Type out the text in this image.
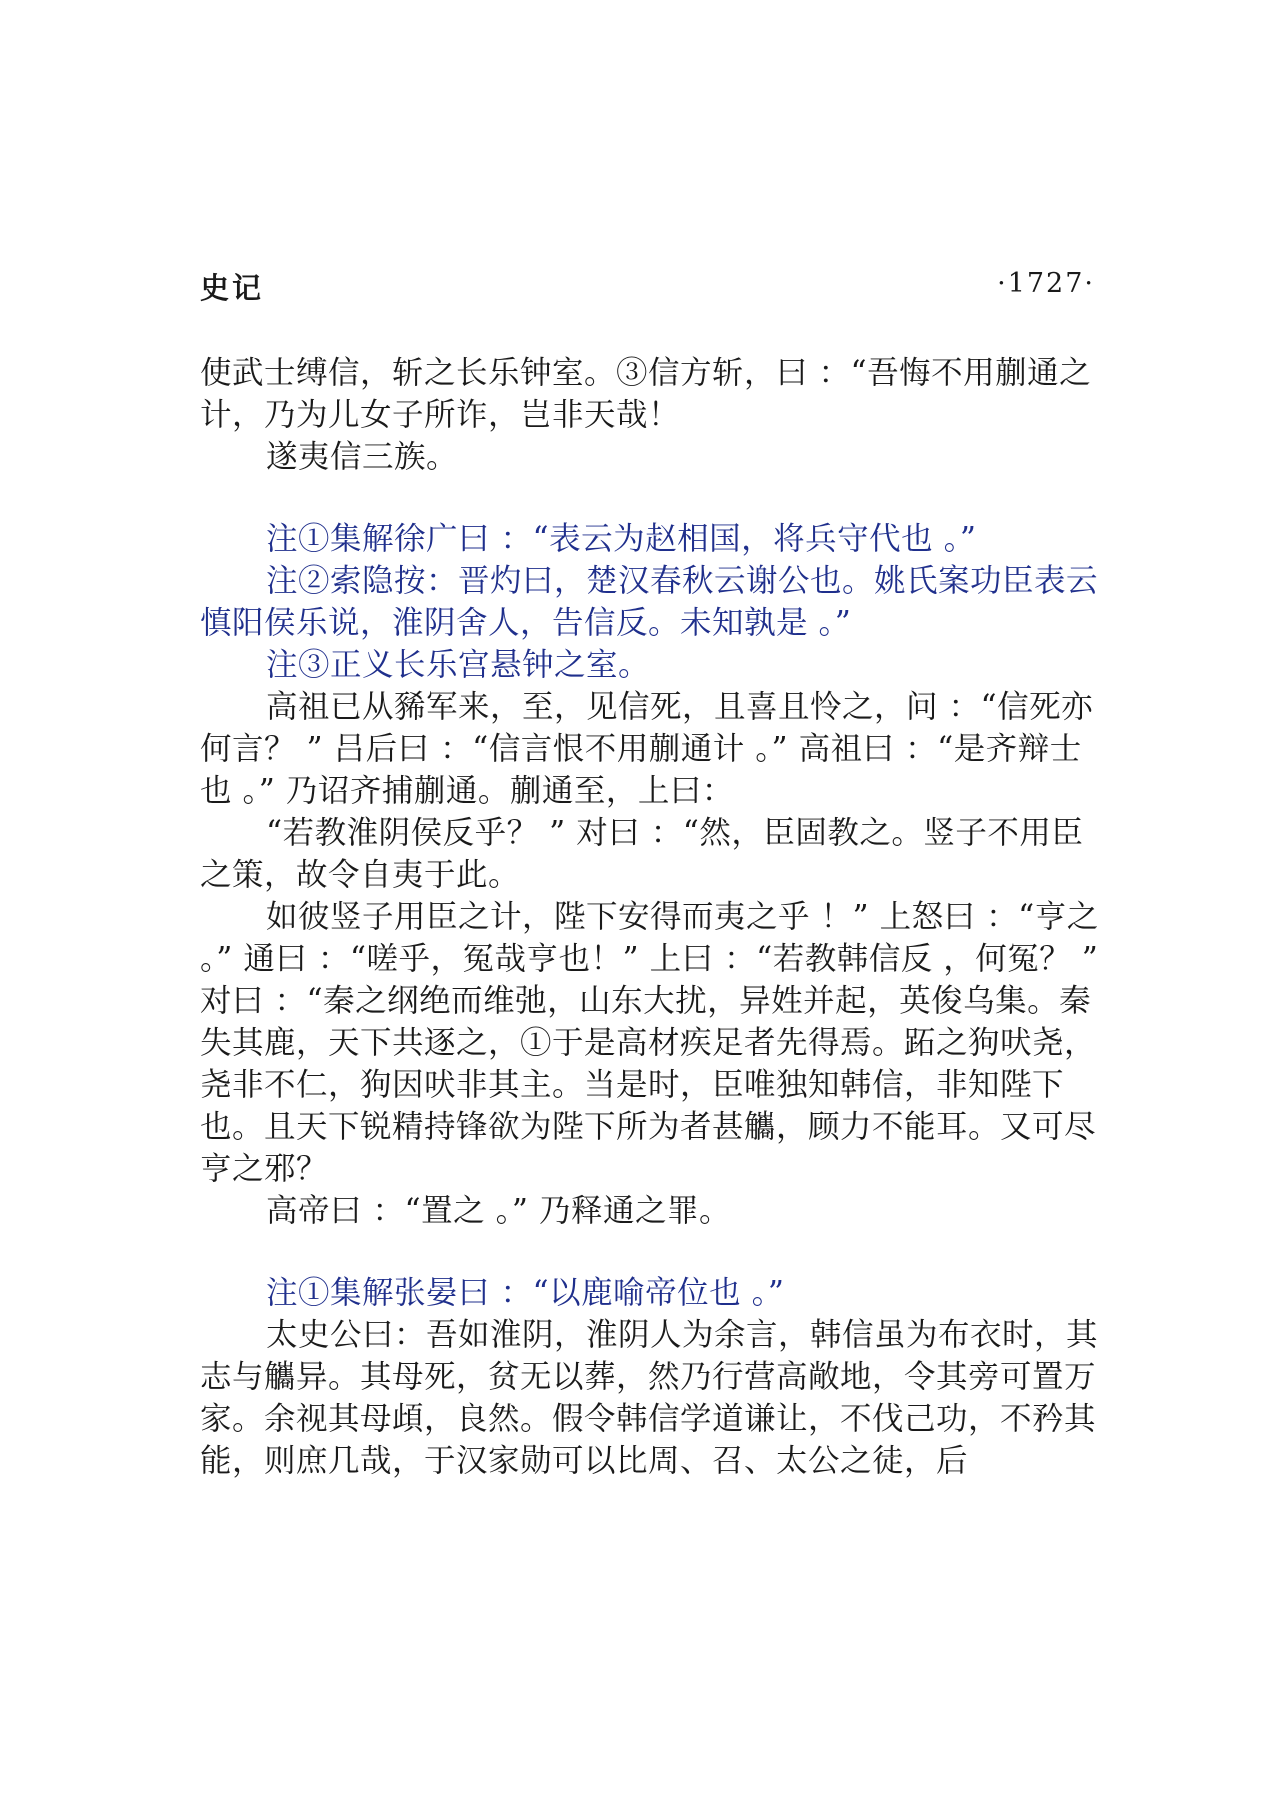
史记	·1727·

使武士缚信，斩之长乐钟室。③信方斩，曰 ：“吾悔不用蒯通之计，乃为儿女子所诈，岂非天哉！

遂夷信三族。

注①集解徐广曰 ：“表云为赵相国，将兵守代也 。”

注②索隐按：晋灼曰，楚汉春秋云谢公也。姚氏案功臣表云慎阳侯乐说，淮阴舍人，告信反。未知孰是 。”

注③正义长乐宫悬钟之室。

高祖已从豨军来，至，见信死，且喜且怜之，问 ：“信死亦何言？ ” 吕后曰 ：“信言恨不用蒯通计 。” 高祖曰 ：“是齐辩士也 。” 乃诏齐捕蒯通。蒯通至，上曰：

“若教淮阴侯反乎？ ” 对曰 ：“然，臣固教之。竖子不用臣之策，故令自夷于此。

如彼竖子用臣之计，陛下安得而夷之乎 ！” 上怒曰 ：“亨之 。” 通曰 ：“嗟乎，冤哉亨也！” 上曰 ：“若教韩信反 ，何冤？ ” 对曰 ：“秦之纲绝而维弛，山东大扰，异姓并起，英俊乌集。秦失其鹿，天下共逐之，①于是高材疾足者先得焉。跖之狗吠尧，尧非不仁，狗因吠非其主。当是时，臣唯独知韩信，非知陛下也。且天下锐精持锋欲为陛下所为者甚觿，顾力不能耳。又可尽亨之邪？

高帝曰 ：“置之 。” 乃释通之罪。

注①集解张晏曰 ：“以鹿喻帝位也 。”

太史公曰：吾如淮阴，淮阴人为余言，韩信虽为布衣时，其志与觿异。其母死，贫无以葬，然乃行营高敞地，令其旁可置万家。余视其母頉，良然。假令韩信学道谦让，不伐己功，不矜其能，则庶几哉，于汉家勋可以比周、召、太公之徒，后
